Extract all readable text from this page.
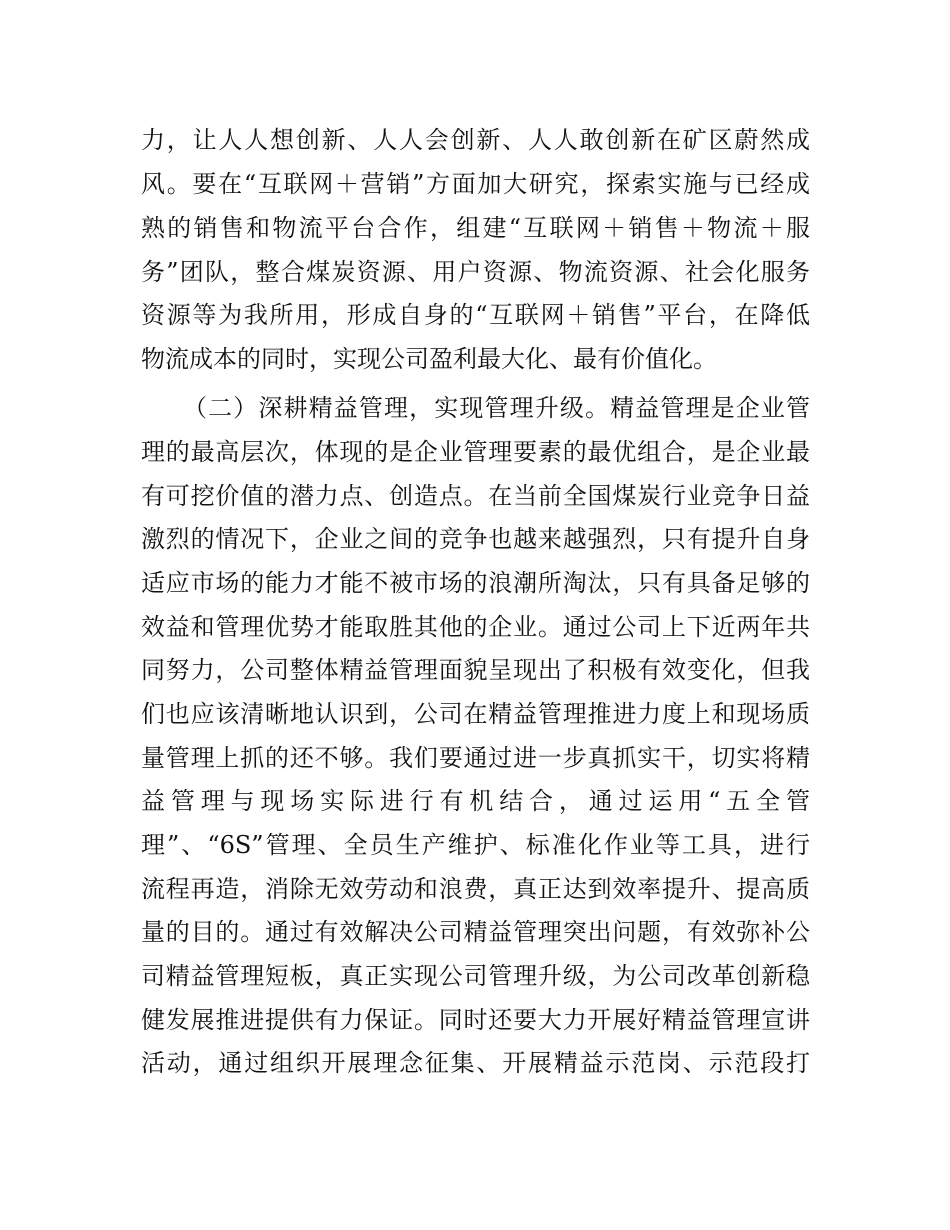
力，让人人想创新、人人会创新、人人敢创新在矿区蔚然成
风。要在“互联网＋营销”方面加大研究，探索实施与已经成
熟的销售和物流平台合作，组建“互联网＋销售＋物流＋服
务”团队，整合煤炭资源、用户资源、物流资源、社会化服务
资源等为我所用，形成自身的“互联网＋销售”平台，在降低
物流成本的同时，实现公司盈利最大化、最有价值化。
（二）深耕精益管理，实现管理升级。精益管理是企业管
理的最高层次，体现的是企业管理要素的最优组合，是企业最
有可挖价值的潜力点、创造点。在当前全国煤炭行业竞争日益
激烈的情况下，企业之间的竞争也越来越强烈，只有提升自身
适应市场的能力才能不被市场的浪潮所淘汰，只有具备足够的
效益和管理优势才能取胜其他的企业。通过公司上下近两年共
同努力，公司整体精益管理面貌呈现出了积极有效变化，但我
们也应该清晰地认识到，公司在精益管理推进力度上和现场质
量管理上抓的还不够。我们要通过进一步真抓实干，切实将精
益管理与现场实际进行有机结合，通过运用“五全管
理”、“6S”管理、全员生产维护、标准化作业等工具，进行
流程再造，消除无效劳动和浪费，真正达到效率提升、提高质
量的目的。通过有效解决公司精益管理突出问题，有效弥补公
司精益管理短板，真正实现公司管理升级，为公司改革创新稳
健发展推进提供有力保证。同时还要大力开展好精益管理宣讲
活动，通过组织开展理念征集、开展精益示范岗、示范段打
